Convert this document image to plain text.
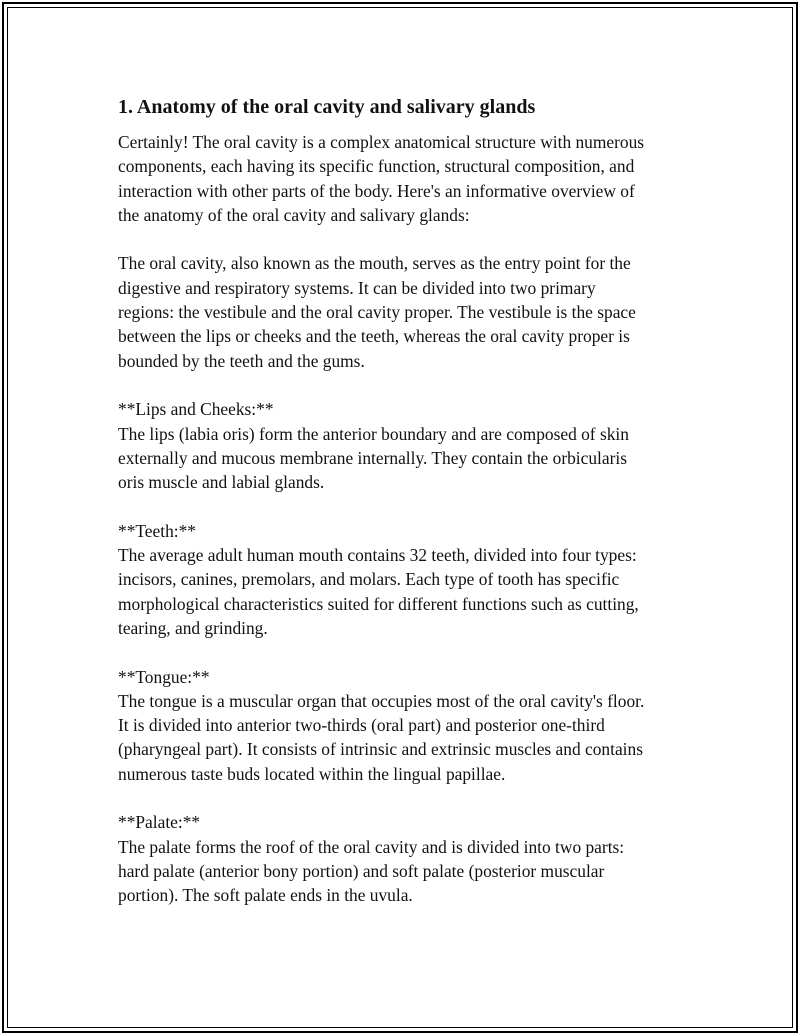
1. Anatomy of the oral cavity and salivary glands
Certainly! The oral cavity is a complex anatomical structure with numerous
components, each having its specific function, structural composition, and
interaction with other parts of the body. Here's an informative overview of
the anatomy of the oral cavity and salivary glands:
The oral cavity, also known as the mouth, serves as the entry point for the
digestive and respiratory systems. It can be divided into two primary
regions: the vestibule and the oral cavity proper. The vestibule is the space
between the lips or cheeks and the teeth, whereas the oral cavity proper is
bounded by the teeth and the gums.
**Lips and Cheeks:**
The lips (labia oris) form the anterior boundary and are composed of skin
externally and mucous membrane internally. They contain the orbicularis
oris muscle and labial glands.
**Teeth:**
The average adult human mouth contains 32 teeth, divided into four types:
incisors, canines, premolars, and molars. Each type of tooth has specific
morphological characteristics suited for different functions such as cutting,
tearing, and grinding.
**Tongue:**
The tongue is a muscular organ that occupies most of the oral cavity's floor.
It is divided into anterior two-thirds (oral part) and posterior one-third
(pharyngeal part). It consists of intrinsic and extrinsic muscles and contains
numerous taste buds located within the lingual papillae.
**Palate:**
The palate forms the roof of the oral cavity and is divided into two parts:
hard palate (anterior bony portion) and soft palate (posterior muscular
portion). The soft palate ends in the uvula.
